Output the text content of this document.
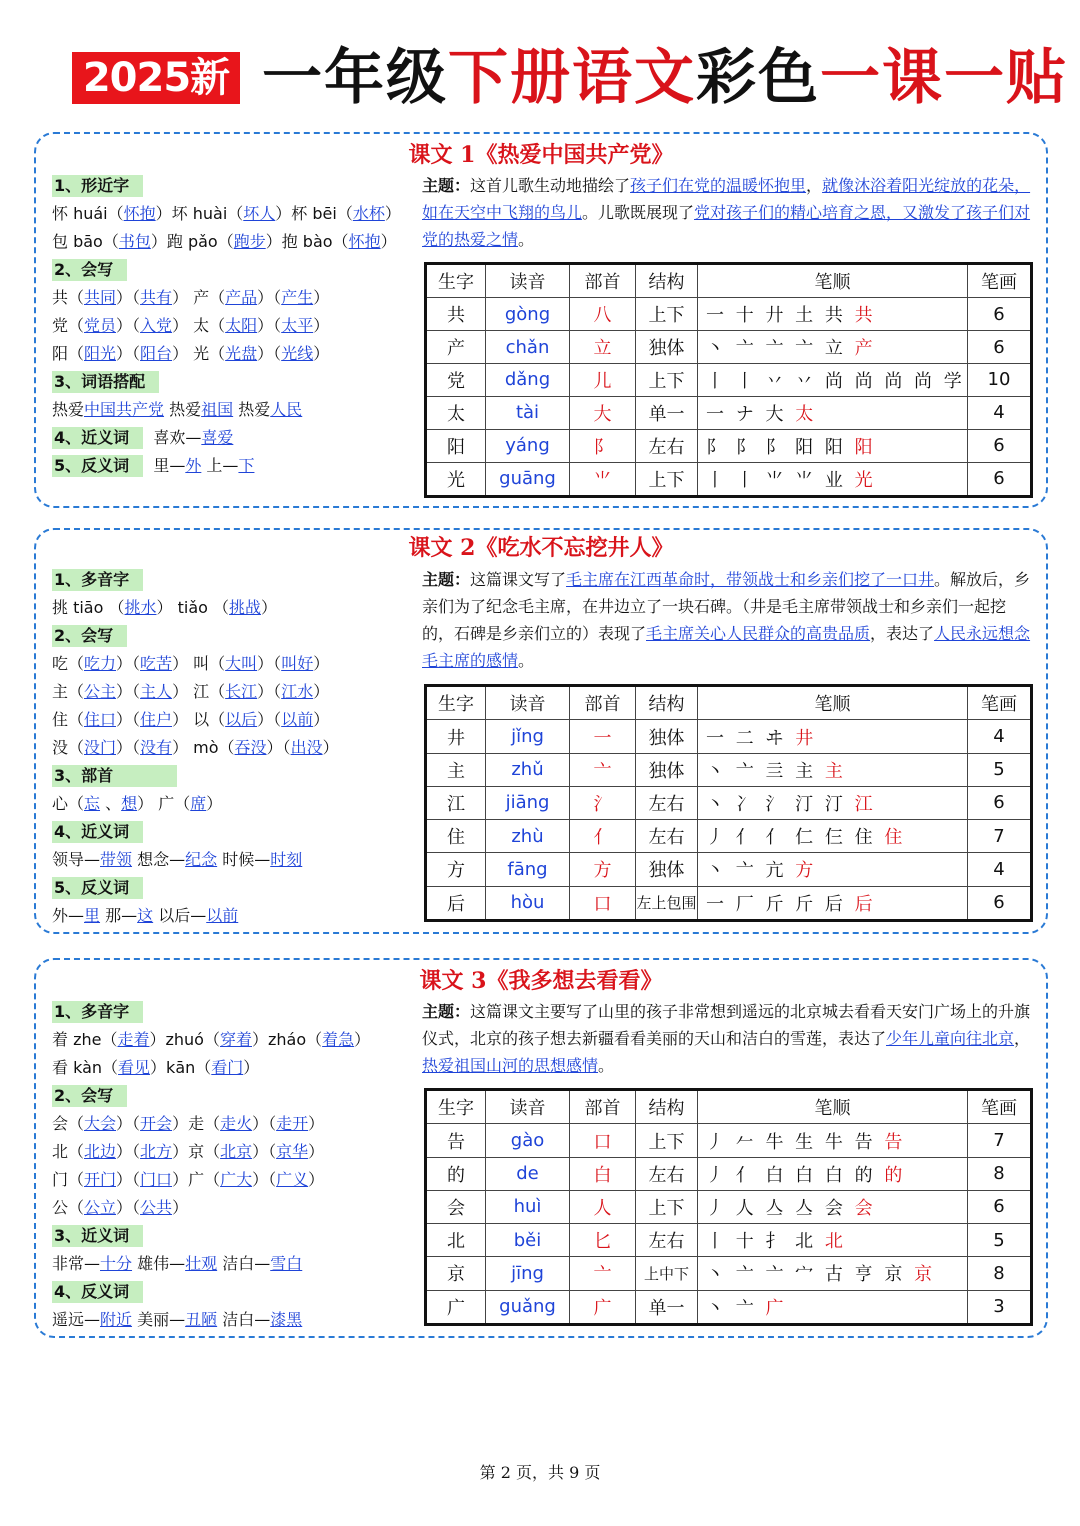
2025新 一年级下册语文彩色一课一贴
课文 1《热爱中国共产党》
1、形近字
怀 huái（怀抱）坏 huài（坏人）杯 bēi（水杯）
包 bāo（书包）跑 pǎo（跑步）抱 bào（怀抱）
2、会写
共（共同）（共有） 产（产品）（产生）
党（党员）（入党） 太（太阳）（太平）
阳（阳光）（阳台） 光（光盘）（光线）
3、词语搭配
热爱中国共产党 热爱祖国 热爱人民
4、近义词 喜欢—喜爱
5、反义词 里—外 上—下
主题：这首儿歌生动地描绘了孩子们在党的温暖怀抱里，就像沐浴着阳光绽放的花朵，如在天空中飞翔的鸟儿。儿歌既展现了党对孩子们的精心培育之恩，又激发了孩子们对党的热爱之情。
生字	读音	部首	结构	笔顺	笔画
共	gòng	八	上下	一 十 廾 土 共 共	6
产	chǎn	立	独体	丶 亠 亠 亠 立 产	6
党	dǎng	儿	上下	丨 丨 丷 丷 尚 尚 尚 尚 学	10
太	tài	大	单一	一 ナ 大 太	4
阳	yáng	阝	左右	阝 阝 阝 阳 阳 阳	6
光	guāng	⺌	上下	丨 丨 ⺌ ⺌ 业 光	6
课文 2《吃水不忘挖井人》
1、多音字
挑 tiāo （挑水） tiǎo （挑战）
2、会写
吃（吃力）（吃苦） 叫（大叫）（叫好）
主（公主）（主人） 江（长江）（江水）
住（住口）（住户） 以（以后）（以前）
没（没门）（没有） mò（吞没）（出没）
3、部首
心（忘 、想） 广（席）
4、近义词
领导—带领 想念—纪念 时候—时刻
5、反义词
外—里 那—这 以后—以前
主题：这篇课文写了毛主席在江西革命时，带领战士和乡亲们挖了一口井。解放后，乡亲们为了纪念毛主席，在井边立了一块石碑。（井是毛主席带领战士和乡亲们一起挖的，石碑是乡亲们立的）表现了毛主席关心人民群众的高贵品质，表达了人民永远想念毛主席的感情。
生字	读音	部首	结构	笔顺	笔画
井	jǐng	一	独体	一 二 ヰ 井	4
主	zhǔ	亠	独体	丶 亠 亖 主 主	5
江	jiāng	氵	左右	丶 冫 氵 汀 汀 江	6
住	zhù	亻	左右	丿 亻 亻 仁 仨 住 住	7
方	fāng	方	独体	丶 亠 亢 方	4
后	hòu	口	左上包围	一 厂 斤 斤 后 后	6
课文 3《我多想去看看》
1、多音字
着 zhe（走着）zhuó（穿着）zháo（着急）
看 kàn（看见）kān（看门）
2、会写
会（大会）（开会）走（走火）（走开）
北（北边）（北方）京（北京）（京华）
门（开门）（门口）广（广大）（广义）
公（公立）（公共）
3、近义词
非常—十分 雄伟—壮观 洁白—雪白
4、反义词
遥远—附近 美丽—丑陋 洁白—漆黑
主题：这篇课文主要写了山里的孩子非常想到遥远的北京城去看看天安门广场上的升旗仪式，北京的孩子想去新疆看看美丽的天山和洁白的雪莲，表达了少年儿童向往北京，热爱祖国山河的思想感情。
生字	读音	部首	结构	笔顺	笔画
告	gào	口	上下	丿 𠂉 牛 生 牛 告 告	7
的	de	白	左右	丿 亻 白 白 白 的 的	8
会	huì	人	上下	丿 人 亼 亼 会 会	6
北	běi	匕	左右	丨 十 扌 北 北	5
京	jīng	亠	上中下	丶 亠 亠 宀 古 亨 京 京	8
广	guǎng	广	单一	丶 亠 广	3
第 2 页，共 9 页
